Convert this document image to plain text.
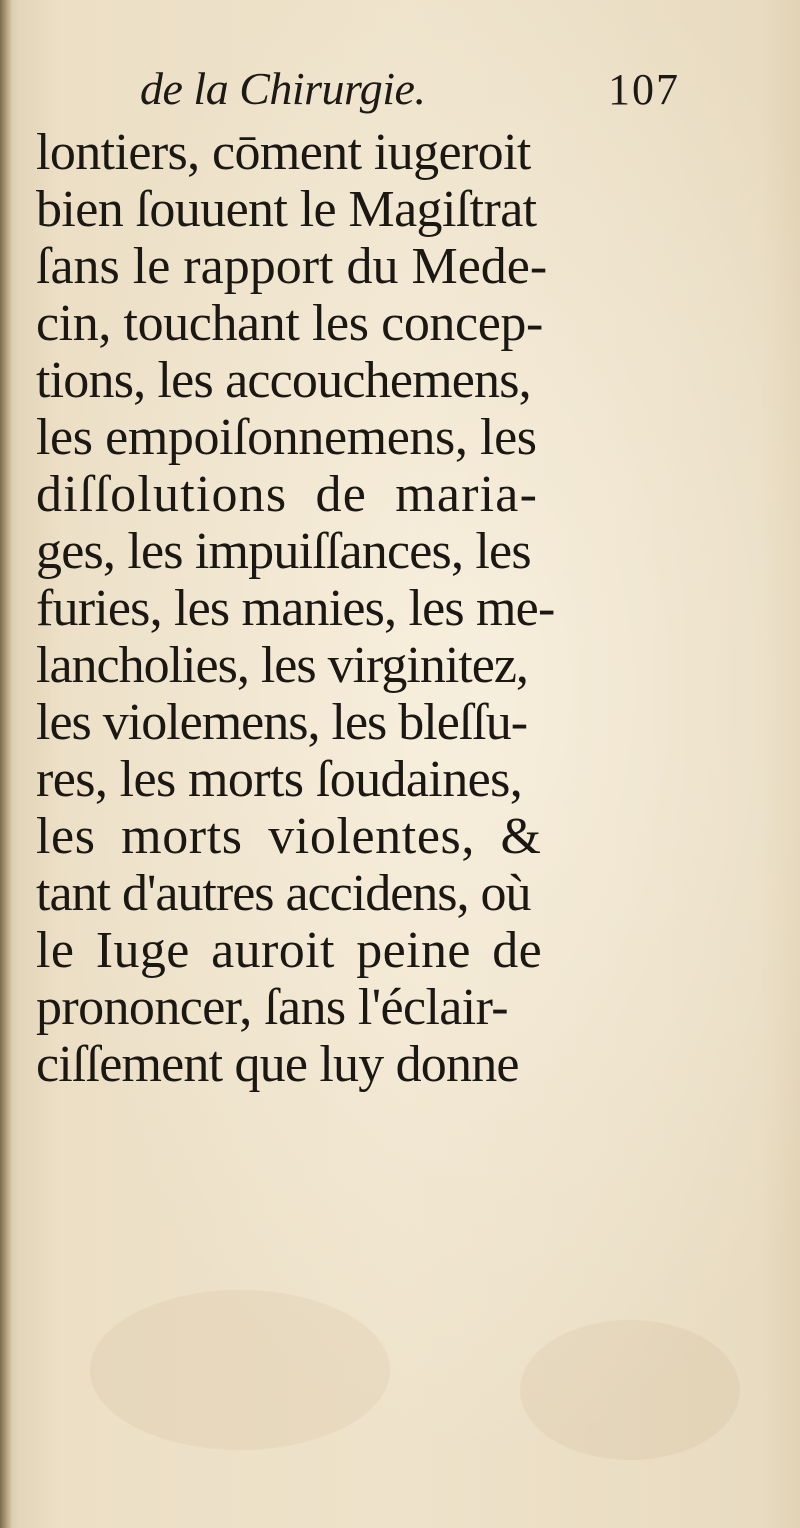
de la Chirurgie.	107
lontiers, cōment iugeroit
bien ſouuent le Magiſtrat
ſans le rapport du Mede-
cin, touchant les concep-
tions, les accouchemens,
les empoiſonnemens, les
diſſolutions de maria-
ges, les impuiſſances, les
furies, les manies, les me-
lancholies, les virginitez,
les violemens, les bleſſu-
res, les morts ſoudaines,
les morts violentes, &
tant d'autres accidens, où
le Iuge auroit peine de
prononcer, ſans l'éclair-
ciſſement que luy donne
